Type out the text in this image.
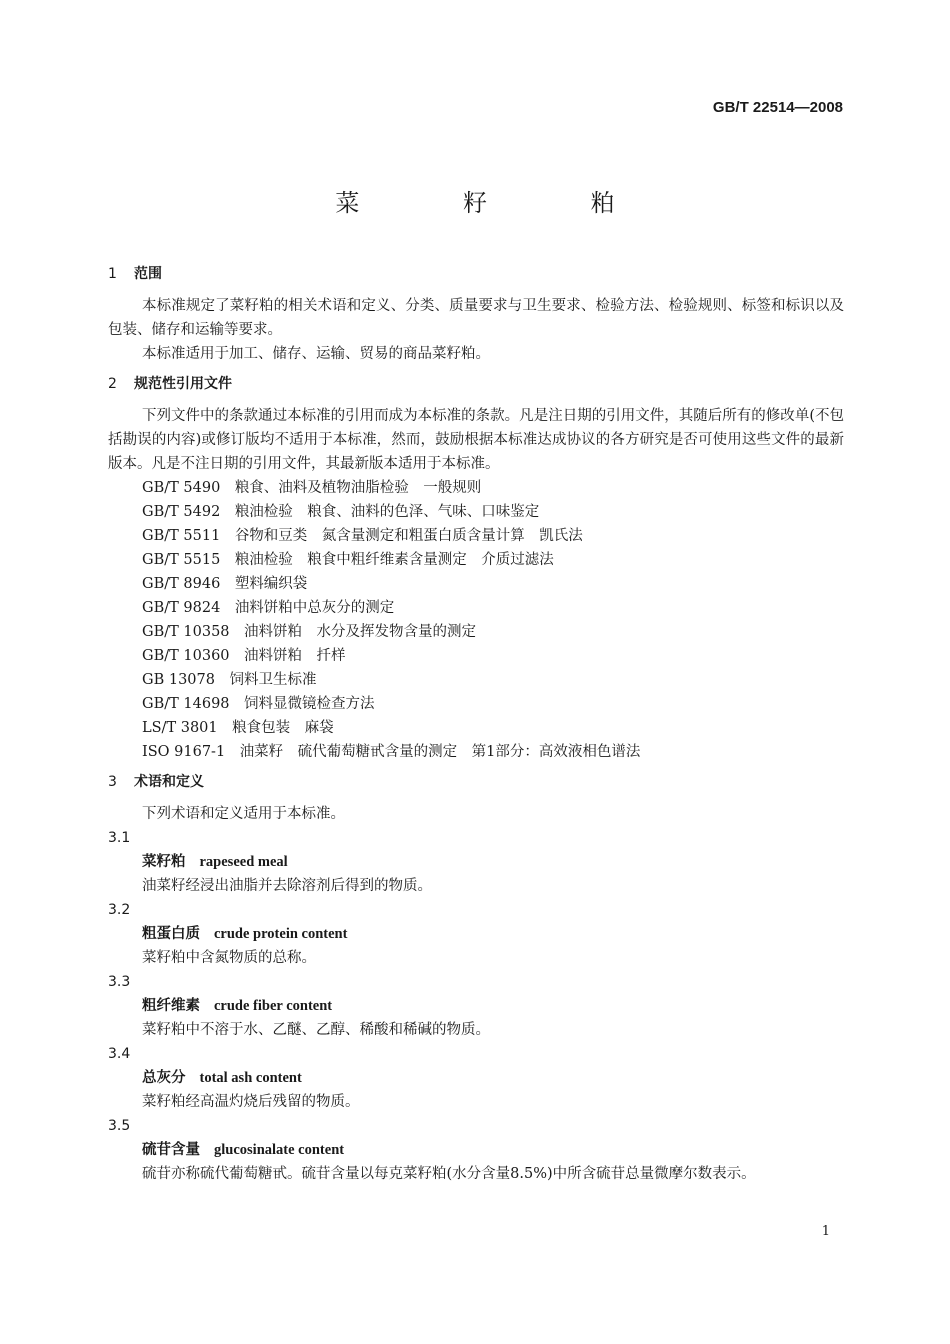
GB/T 22514—2008
菜 籽 粕
1 范围
本标准规定了菜籽粕的相关术语和定义、分类、质量要求与卫生要求、检验方法、检验规则、标签和标识以及包装、储存和运输等要求。
本标准适用于加工、储存、运输、贸易的商品菜籽粕。
2 规范性引用文件
下列文件中的条款通过本标准的引用而成为本标准的条款。凡是注日期的引用文件，其随后所有的修改单(不包括勘误的内容)或修订版均不适用于本标准，然而，鼓励根据本标准达成协议的各方研究是否可使用这些文件的最新版本。凡是不注日期的引用文件，其最新版本适用于本标准。
GB/T 5490　 粮食、油料及植物油脂检验　一般规则
GB/T 5492　 粮油检验　粮食、油料的色泽、气味、口味鉴定
GB/T 5511　 谷物和豆类　氮含量测定和粗蛋白质含量计算　凯氏法
GB/T 5515　 粮油检验　粮食中粗纤维素含量测定　介质过滤法
GB/T 8946　 塑料编织袋
GB/T 9824　 油料饼粕中总灰分的测定
GB/T 10358　 油料饼粕　水分及挥发物含量的测定
GB/T 10360　 油料饼粕　扦样
GB 13078　 饲料卫生标准
GB/T 14698　 饲料显微镜检查方法
LS/T 3801　 粮食包装　麻袋
ISO 9167-1　 油菜籽　硫代葡萄糖甙含量的测定　第1部分：高效液相色谱法
3 术语和定义
下列术语和定义适用于本标准。
3.1
菜籽粕 rapeseed meal
油菜籽经浸出油脂并去除溶剂后得到的物质。
3.2
粗蛋白质 crude protein content
菜籽粕中含氮物质的总称。
3.3
粗纤维素 crude fiber content
菜籽粕中不溶于水、乙醚、乙醇、稀酸和稀碱的物质。
3.4
总灰分 total ash content
菜籽粕经高温灼烧后残留的物质。
3.5
硫苷含量 glucosinalate content
硫苷亦称硫代葡萄糖甙。硫苷含量以每克菜籽粕(水分含量8.5%)中所含硫苷总量微摩尔数表示。
1
